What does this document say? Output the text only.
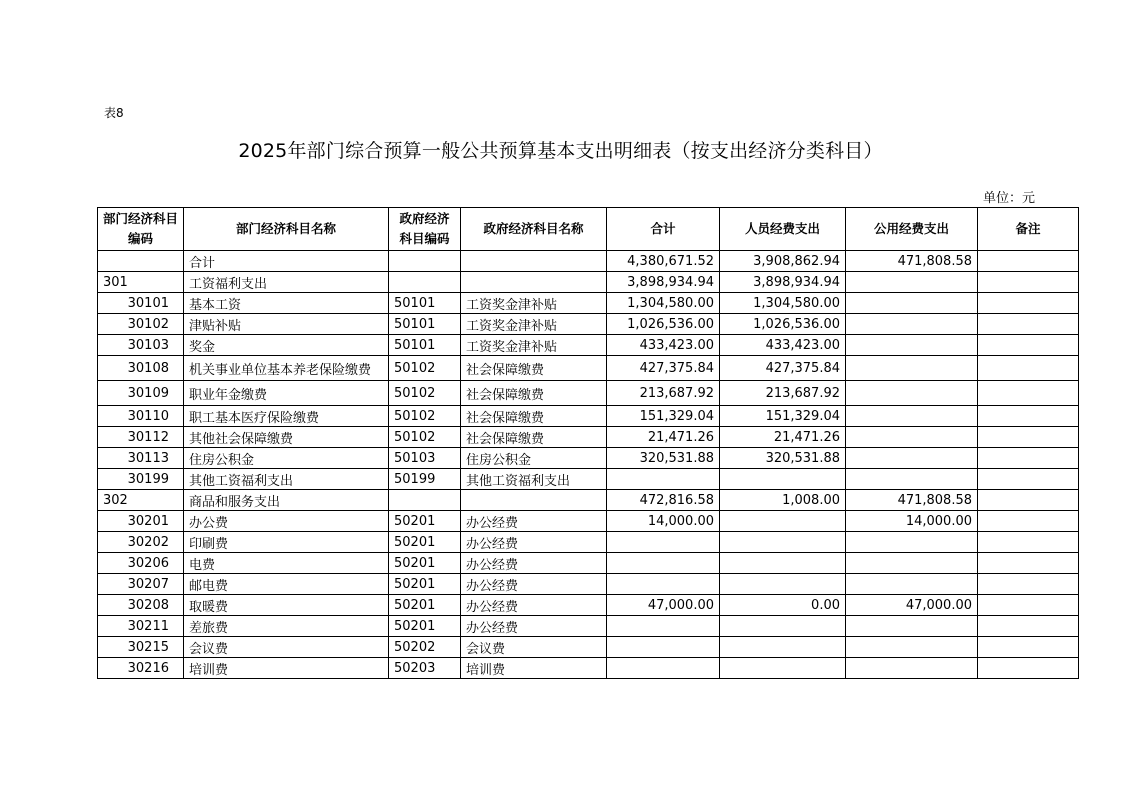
表8
2025年部门综合预算一般公共预算基本支出明细表（按支出经济分类科目）
单位：元
部门经济科目编码	部门经济科目名称	政府经济科目编码	政府经济科目名称	合计	人员经费支出	公用经费支出	备注
	合计			4,380,671.52	3,908,862.94	471,808.58	
301	工资福利支出			3,898,934.94	3,898,934.94		
30101	基本工资	50101	工资奖金津补贴	1,304,580.00	1,304,580.00		
30102	津贴补贴	50101	工资奖金津补贴	1,026,536.00	1,026,536.00		
30103	奖金	50101	工资奖金津补贴	433,423.00	433,423.00		
30108	机关事业单位基本养老保险缴费	50102	社会保障缴费	427,375.84	427,375.84		
30109	职业年金缴费	50102	社会保障缴费	213,687.92	213,687.92		
30110	职工基本医疗保险缴费	50102	社会保障缴费	151,329.04	151,329.04		
30112	其他社会保障缴费	50102	社会保障缴费	21,471.26	21,471.26		
30113	住房公积金	50103	住房公积金	320,531.88	320,531.88		
30199	其他工资福利支出	50199	其他工资福利支出				
302	商品和服务支出			472,816.58	1,008.00	471,808.58	
30201	办公费	50201	办公经费	14,000.00		14,000.00	
30202	印刷费	50201	办公经费				
30206	电费	50201	办公经费				
30207	邮电费	50201	办公经费				
30208	取暖费	50201	办公经费	47,000.00	0.00	47,000.00	
30211	差旅费	50201	办公经费				
30215	会议费	50202	会议费				
30216	培训费	50203	培训费				
